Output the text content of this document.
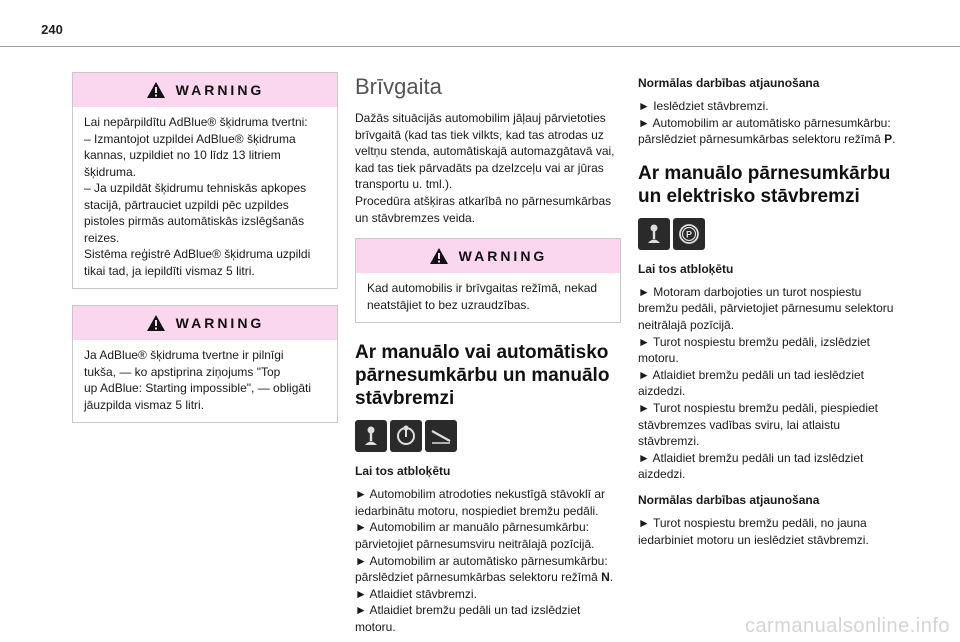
240
WARNING
Lai nepārpildītu AdBlue® šķidruma tvertni:
– Izmantojot uzpildei AdBlue® šķidruma
kannas, uzpildiet no 10 līdz 13 litriem
šķidruma.
– Ja uzpildāt šķidrumu tehniskās apkopes
stacijā, pārtrauciet uzpildi pēc uzpildes
pistoles pirmās automātiskās izslēgšanās
reizes.
Sistēma reģistrē AdBlue® šķidruma uzpildi
tikai tad, ja iepildīti vismaz 5 litri.
WARNING
Ja AdBlue® šķidruma tvertne ir pilnīgi
tukša, — ko apstiprina ziņojums "Top
up AdBlue: Starting impossible", — obligāti
jāuzpilda vismaz 5 litri.
Brīvgaita
Dažās situācijās automobilim jāļauj pārvietoties
brīvgaitā (kad tas tiek vilkts, kad tas atrodas uz
veltņu stenda, automātiskajā automazgātavā vai,
kad tas tiek pārvadāts pa dzelzceļu vai ar jūras
transportu u. tml.).
Procedūra atšķiras atkarībā no pārnesumkārbas
un stāvbremzes veida.
WARNING
Kad automobilis ir brīvgaitas režīmā, nekad
neatstājiet to bez uzraudzības.
Ar manuālo vai automātisko
pārnesumkārbu un manuālo
stāvbremzi
Lai tos atbloķētu
► Automobilim atrodoties nekustīgā stāvoklī ar
iedarbinātu motoru, nospiediet bremžu pedāli.
► Automobilim ar manuālo pārnesumkārbu:
pārvietojiet pārnesumsviru neitrālajā pozīcijā.
► Automobilim ar automātisko pārnesumkārbu:
pārslēdziet pārnesumkārbas selektoru režīmā N.
► Atlaidiet stāvbremzi.
► Atlaidiet bremžu pedāli un tad izslēdziet
motoru.
Normālas darbības atjaunošana
► Ieslēdziet stāvbremzi.
► Automobilim ar automātisko pārnesumkārbu:
pārslēdziet pārnesumkārbas selektoru režīmā P.
Ar manuālo pārnesumkārbu
un elektrisko stāvbremzi
P
Lai tos atbloķētu
► Motoram darbojoties un turot nospiestu
bremžu pedāli, pārvietojiet pārnesumu selektoru
neitrālajā pozīcijā.
► Turot nospiestu bremžu pedāli, izslēdziet
motoru.
► Atlaidiet bremžu pedāli un tad ieslēdziet
aizdedzi.
► Turot nospiestu bremžu pedāli, piespiediet
stāvbremzes vadības sviru, lai atlaistu
stāvbremzi.
► Atlaidiet bremžu pedāli un tad izslēdziet
aizdedzi.
Normālas darbības atjaunošana
► Turot nospiestu bremžu pedāli, no jauna
iedarbiniet motoru un ieslēdziet stāvbremzi.
carmanualsonline.info
